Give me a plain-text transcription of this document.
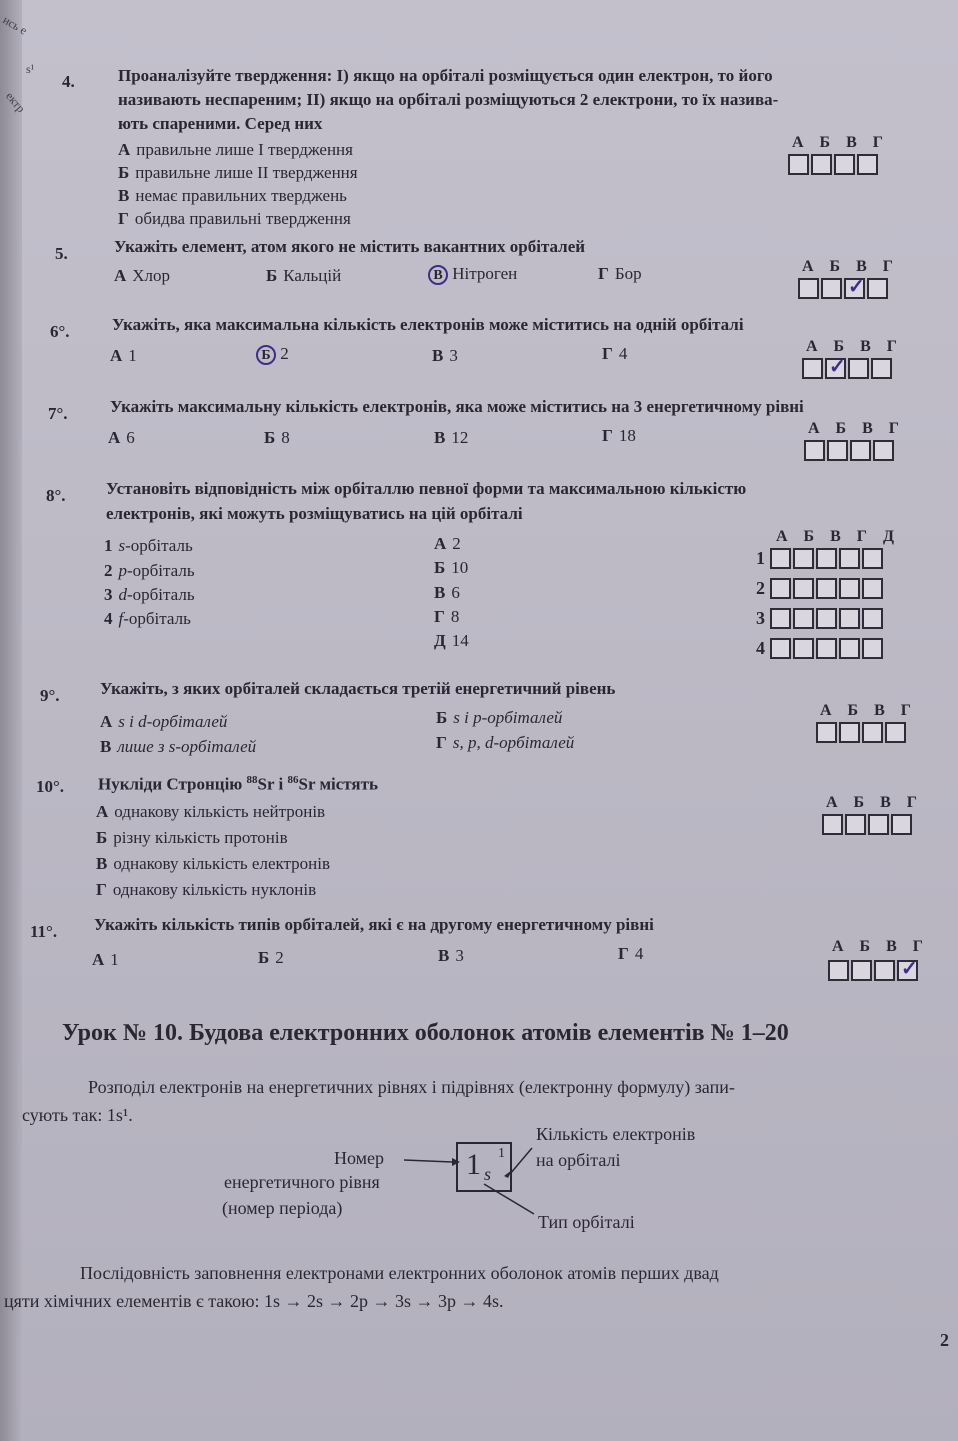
ись е
s¹
ектр
4.	Проаналізуйте твердження: І) якщо на орбіталі розміщується один електрон, то його
називають неспареним; ІІ) якщо на орбіталі розміщуються 2 електрони, то їх назива-
ють спареними. Серед них
А правильне лише І твердження
Б правильне лише ІІ твердження
В немає правильних тверджень
Г обидва правильні твердження
А Б В Г
5.	Укажіть елемент, атом якого не містить вакантних орбіталей
А Хлор	Б Кальцій	В Нітроген	Г Бор	А Б В Г
✓
6°. Укажіть, яка максимальна кількість електронів може міститись на одній орбіталі
А 1	Б 2	В 3	Г 4	А Б В Г
✓
7°. Укажіть максимальну кількість електронів, яка може міститись на 3 енергетичному рівні
А 6	Б 8	В 12	Г 18	А Б В Г
8°. Установіть відповідність між орбіталлю певної форми та максимальною кількістю
електронів, які можуть розміщуватись на цій орбіталі
1 s-орбіталь
2 p-орбіталь
3 d-орбіталь
4 f-орбіталь
А 2
Б 10
В 6
Г 8
Д 14
А Б В Г Д
1
2
3
4
9°. Укажіть, з яких орбіталей складається третій енергетичний рівень
А s і d-орбіталей	Б s і p-орбіталей
В лише з s-орбіталей	Г s, p, d-орбіталей
А Б В Г
10°. Нукліди Стронцію $^{88}$Sr і $^{86}$Sr містять
А однакову кількість нейтронів
Б різну кількість протонів
В однакову кількість електронів
Г однакову кількість нуклонів
А Б В Г
11°. Укажіть кількість типів орбіталей, які є на другому енергетичному рівні
А 1	Б 2	В 3	Г 4	А Б В Г
✓
Урок № 10. Будова електронних оболонок атомів елементів № 1–20
Розподіл електронів на енергетичних рівнях і підрівнях (електронну формулу) запи-
сують так: 1s¹.
Номер
енергетичного рівня
(номер періода)
1 s
1
Кількість електронів
на орбіталі
Тип орбіталі
Послідовність заповнення електронами електронних оболонок атомів перших двад
цяти хімічних елементів є такою: 1s → 2s → 2p → 3s → 3p → 4s.
2
